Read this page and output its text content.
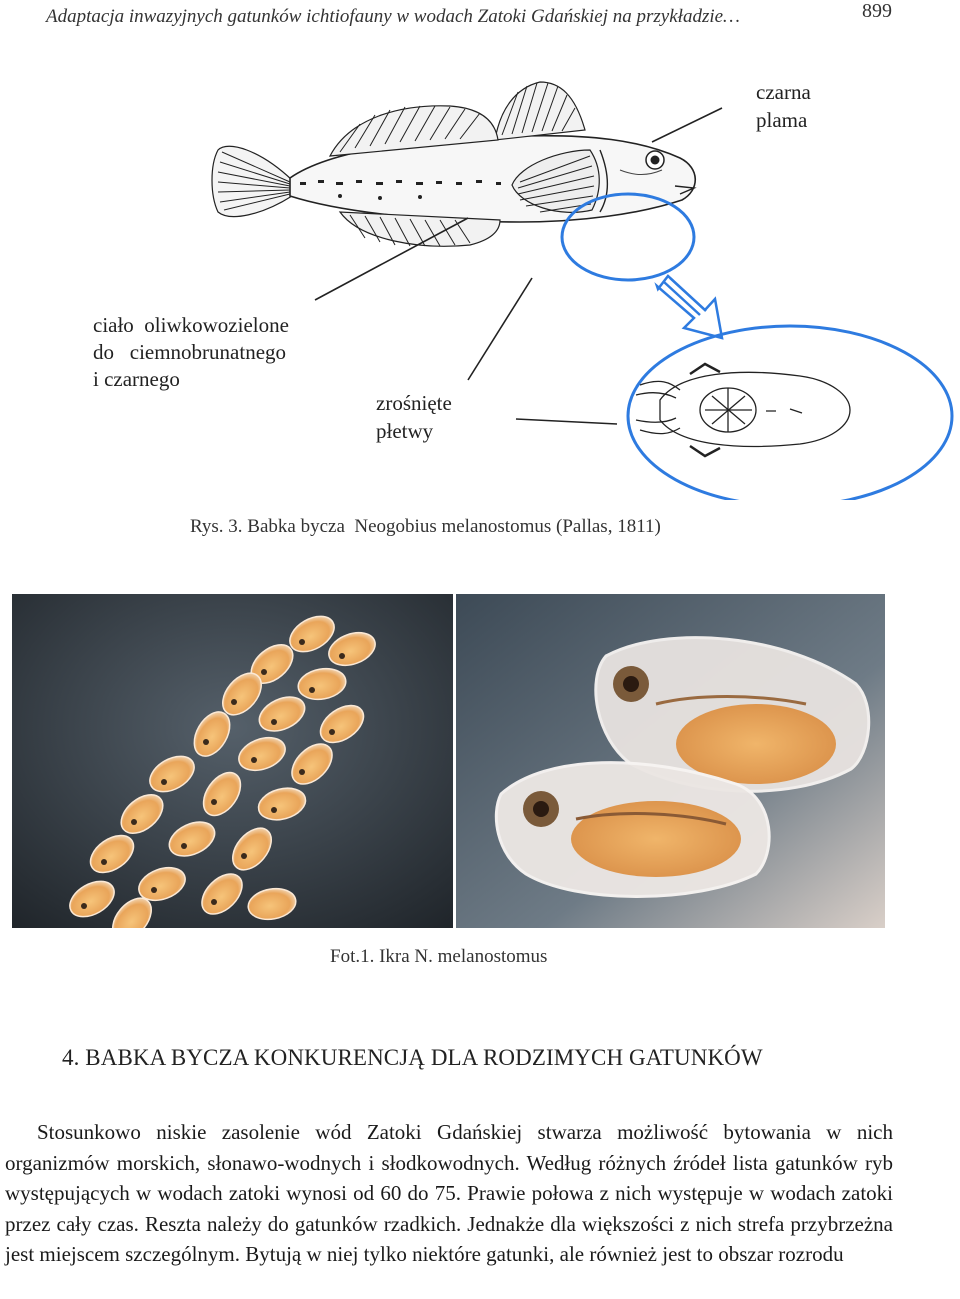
Adaptacja inwazyjnych gatunków ichtiofauny w wodach Zatoki Gdańskiej na przykładzie…	899
czarna
plama
ciało  oliwkowozielone
do   ciemnobrunatnego
i czarnego
zrośnięte
płetwy
Rys. 3. Babka bycza  Neogobius melanostomus (Pallas, 1811)
Fot.1. Ikra N. melanostomus
4. BABKA BYCZA KONKURENCJĄ DLA RODZIMYCH GATUNKÓW
Stosunkowo niskie zasolenie wód Zatoki Gdańskiej stwarza możliwość bytowania w nich organizmów morskich, słonawo-wodnych i słodkowodnych. Według różnych źródeł lista gatunków ryb występujących w wodach zatoki wynosi od 60 do 75. Prawie połowa z nich występuje w wodach zatoki przez cały czas. Reszta należy do gatunków rzadkich. Jednakże dla większości z nich strefa przybrzeżna jest miejscem szczególnym. Bytują w niej tylko niektóre gatunki, ale również jest to obszar rozrodu
